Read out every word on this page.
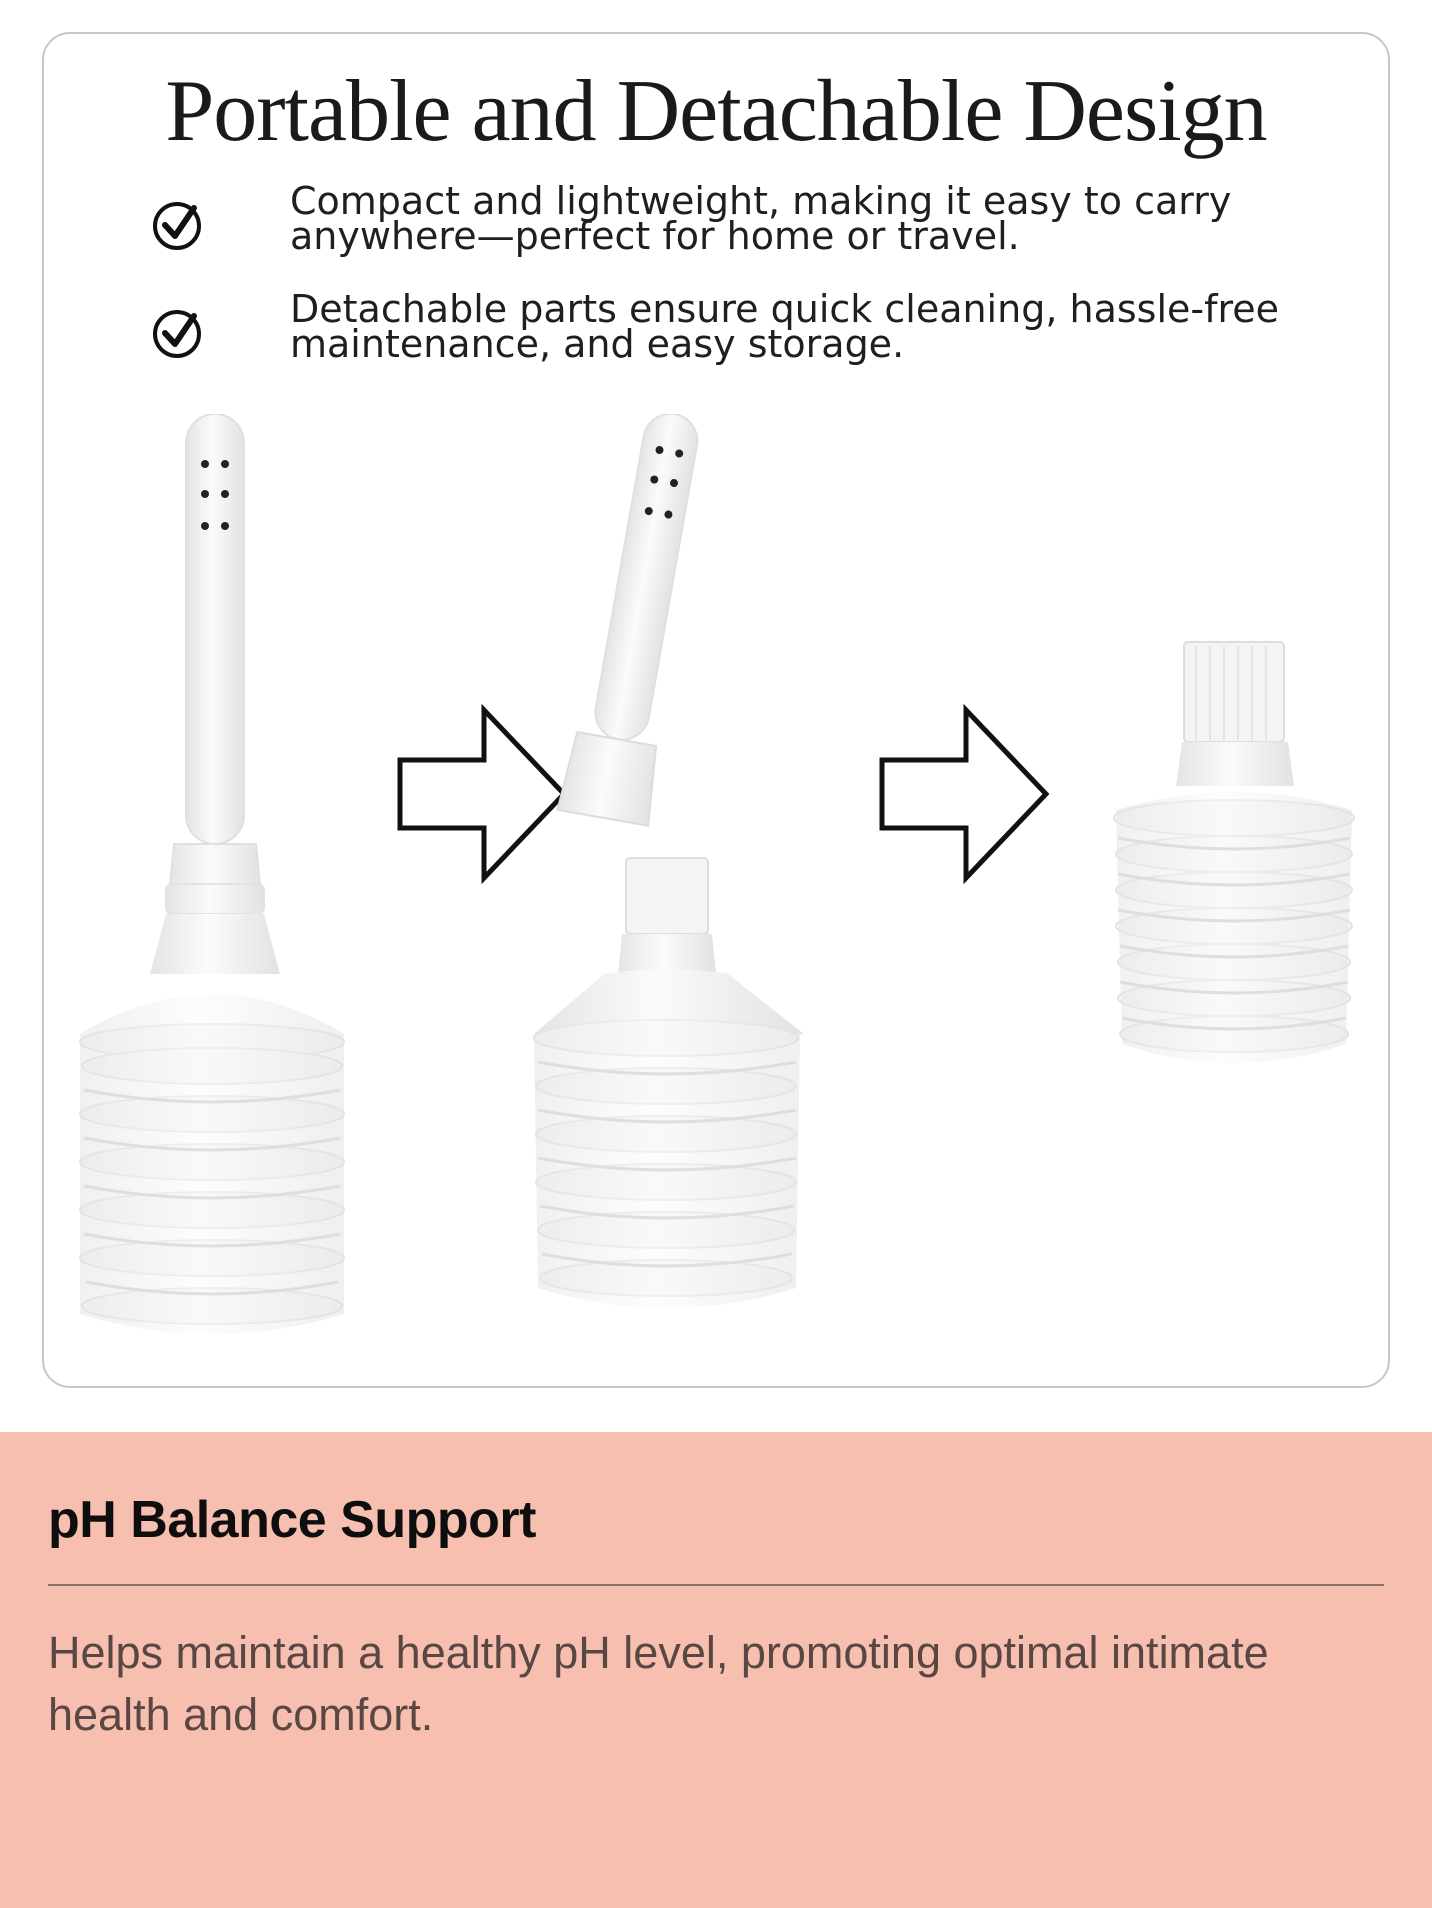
Portable and Detachable Design

Compact and lightweight, making it easy to carry anywhere—perfect for home or travel.

Detachable parts ensure quick cleaning, hassle-free maintenance, and easy storage.

pH Balance Support

Helps maintain a healthy pH level, promoting optimal intimate health and comfort.
